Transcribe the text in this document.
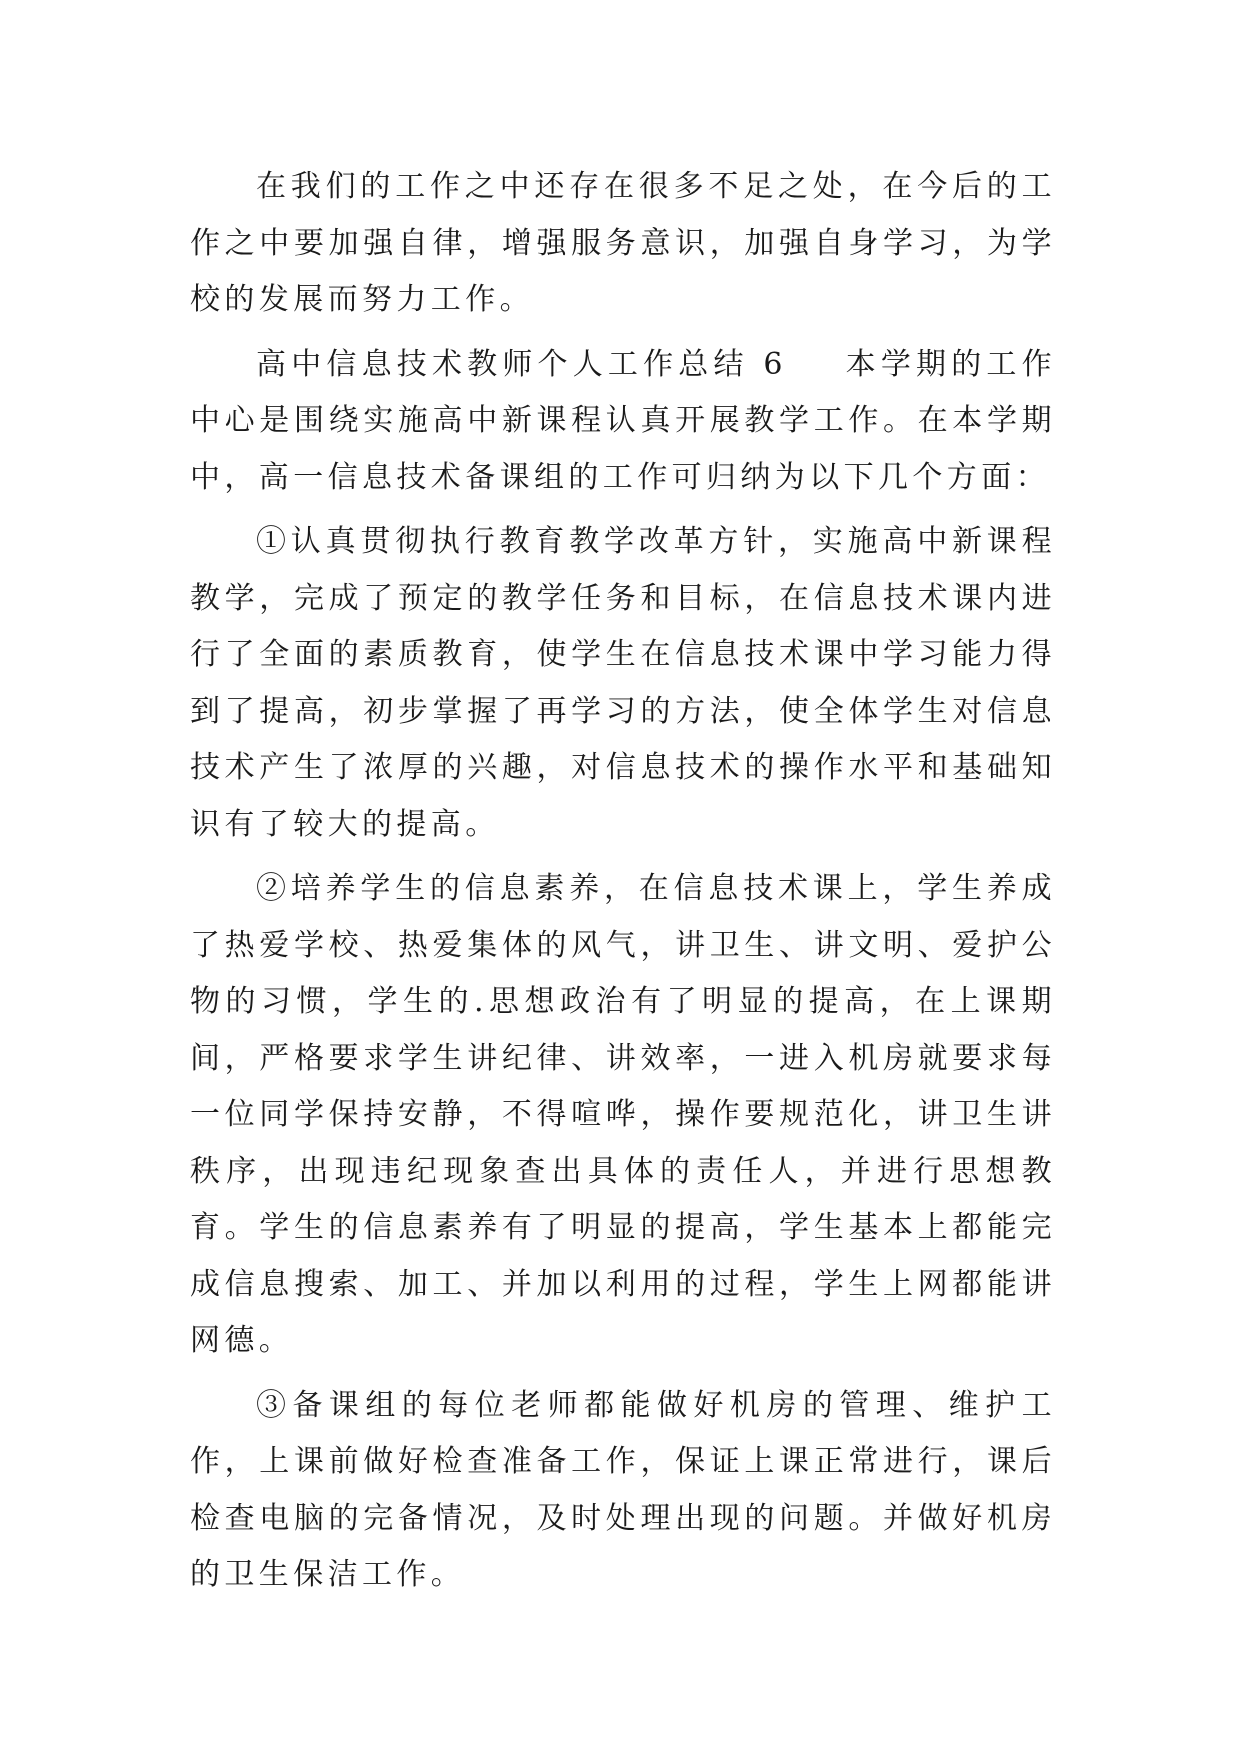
在我们的工作之中还存在很多不足之处，在今后的工作之中要加强自律，增强服务意识，加强自身学习，为学校的发展而努力工作。

高中信息技术教师个人工作总结 6 本学期的工作中心是围绕实施高中新课程认真开展教学工作。在本学期中，高一信息技术备课组的工作可归纳为以下几个方面：

①认真贯彻执行教育教学改革方针，实施高中新课程教学，完成了预定的教学任务和目标，在信息技术课内进行了全面的素质教育，使学生在信息技术课中学习能力得到了提高，初步掌握了再学习的方法，使全体学生对信息技术产生了浓厚的兴趣，对信息技术的操作水平和基础知识有了较大的提高。

②培养学生的信息素养，在信息技术课上，学生养成了热爱学校、热爱集体的风气，讲卫生、讲文明、爱护公物的习惯，学生的.思想政治有了明显的提高，在上课期间，严格要求学生讲纪律、讲效率，一进入机房就要求每一位同学保持安静，不得喧哗，操作要规范化，讲卫生讲秩序，出现违纪现象查出具体的责任人，并进行思想教育。学生的信息素养有了明显的提高，学生基本上都能完成信息搜索、加工、并加以利用的过程，学生上网都能讲网德。

③备课组的每位老师都能做好机房的管理、维护工作，上课前做好检查准备工作，保证上课正常进行，课后检查电脑的完备情况，及时处理出现的问题。并做好机房的卫生保洁工作。
